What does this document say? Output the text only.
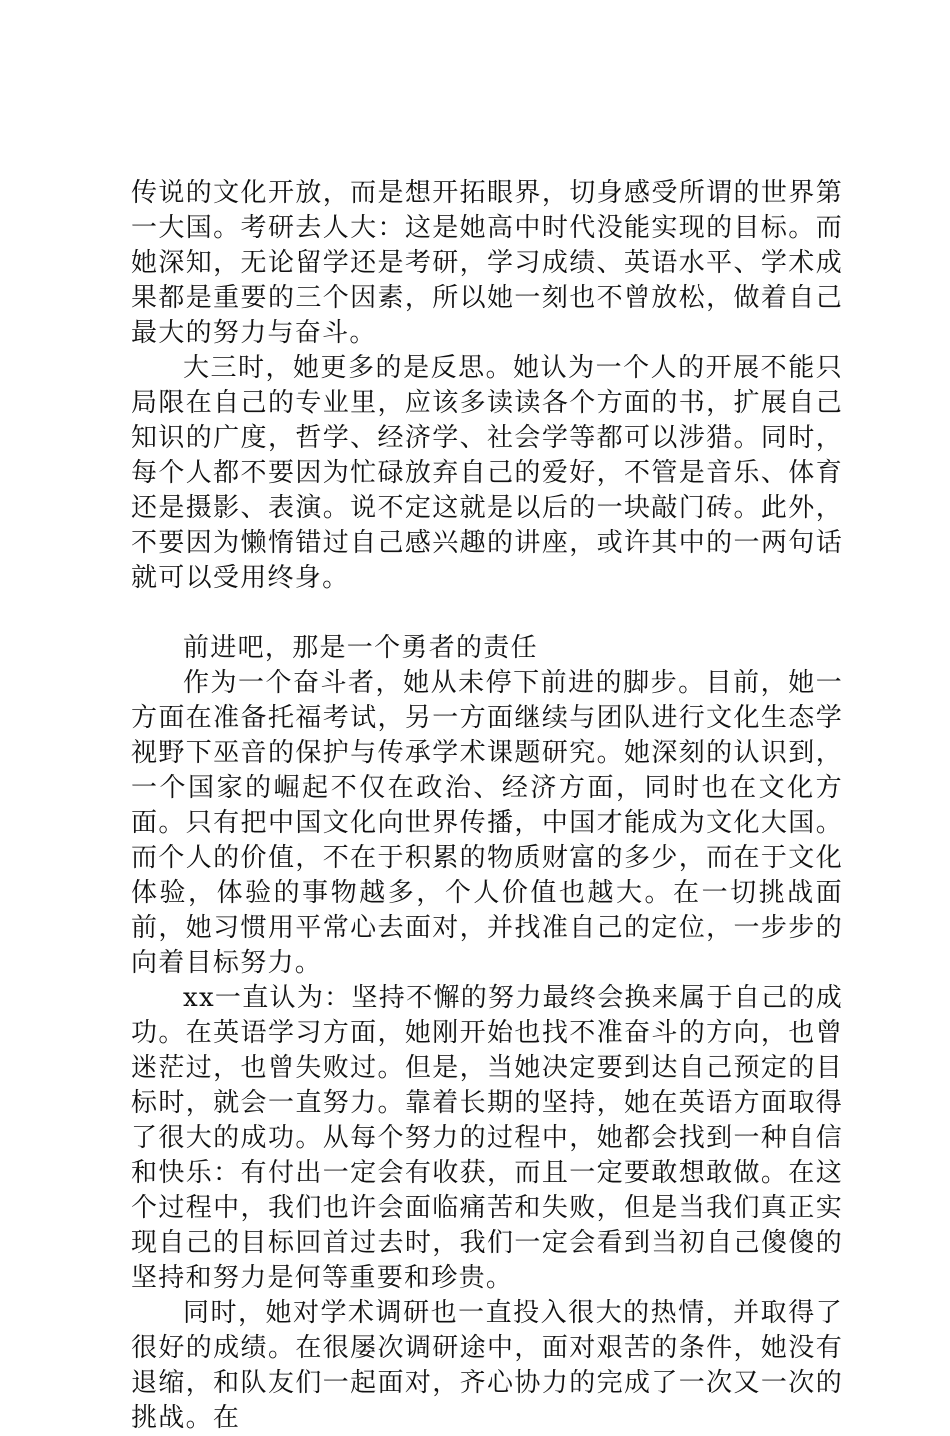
传说的文化开放，而是想开拓眼界，切身感受所谓的世界第一大国。考研去人大：这是她高中时代没能实现的目标。而她深知，无论留学还是考研，学习成绩、英语水平、学术成果都是重要的三个因素，所以她一刻也不曾放松，做着自己最大的努力与奋斗。

大三时，她更多的是反思。她认为一个人的开展不能只局限在自己的专业里，应该多读读各个方面的书，扩展自己知识的广度，哲学、经济学、社会学等都可以涉猎。同时，每个人都不要因为忙碌放弃自己的爱好，不管是音乐、体育还是摄影、表演。说不定这就是以后的一块敲门砖。此外，不要因为懒惰错过自己感兴趣的讲座，或许其中的一两句话就可以受用终身。

前进吧，那是一个勇者的责任

作为一个奋斗者，她从未停下前进的脚步。目前，她一方面在准备托福考试，另一方面继续与团队进行文化生态学视野下巫音的保护与传承学术课题研究。她深刻的认识到，一个国家的崛起不仅在政治、经济方面，同时也在文化方面。只有把中国文化向世界传播，中国才能成为文化大国。而个人的价值，不在于积累的物质财富的多少，而在于文化体验，体验的事物越多，个人价值也越大。在一切挑战面前，她习惯用平常心去面对，并找准自己的定位，一步步的向着目标努力。

xx一直认为：坚持不懈的努力最终会换来属于自己的成功。在英语学习方面，她刚开始也找不准奋斗的方向，也曾迷茫过，也曾失败过。但是，当她决定要到达自己预定的目标时，就会一直努力。靠着长期的坚持，她在英语方面取得了很大的成功。从每个努力的过程中，她都会找到一种自信和快乐：有付出一定会有收获，而且一定要敢想敢做。在这个过程中，我们也许会面临痛苦和失败，但是当我们真正实现自己的目标回首过去时，我们一定会看到当初自己傻傻的坚持和努力是何等重要和珍贵。

同时，她对学术调研也一直投入很大的热情，并取得了很好的成绩。在很屡次调研途中，面对艰苦的条件，她没有退缩，和队友们一起面对，齐心协力的完成了一次又一次的挑战。在
